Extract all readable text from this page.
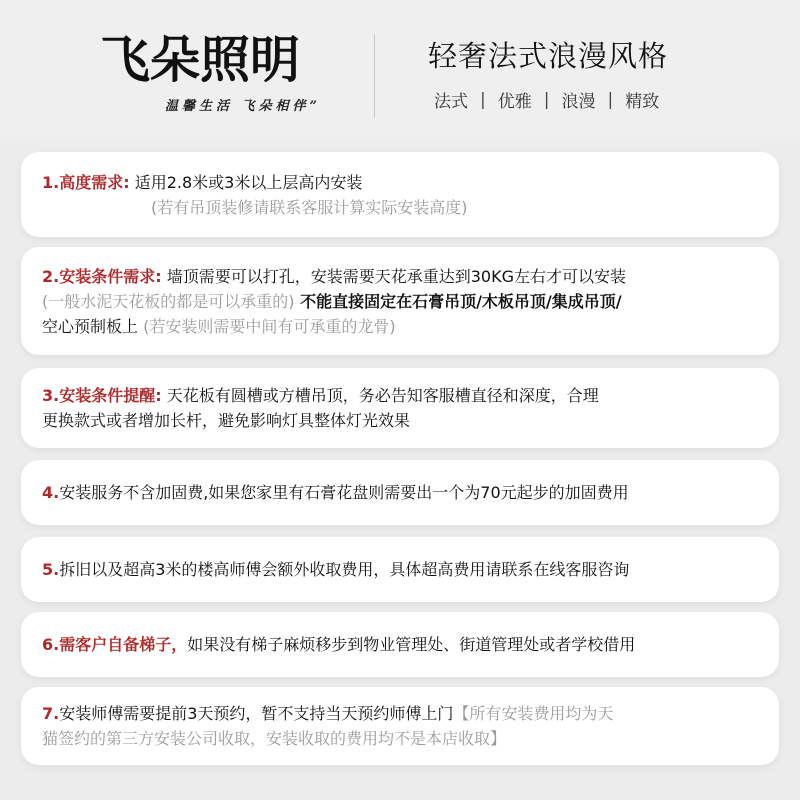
飞朵照明
温馨生活 飞朵相伴”
轻奢法式浪漫风格
法式 | 优雅 | 浪漫 | 精致
1.高度需求: 适用2.8米或3米以上层高内安装
(若有吊顶装修请联系客服计算实际安装高度)
2.安装条件需求: 墙顶需要可以打孔，安装需要天花承重达到30KG左右才可以安装
(一般水泥天花板的都是可以承重的) 不能直接固定在石膏吊顶/木板吊顶/集成吊顶/
空心预制板上 (若安装则需要中间有可承重的龙骨)
3.安装条件提醒: 天花板有圆槽或方槽吊顶，务必告知客服槽直径和深度，合理
更换款式或者增加长杆，避免影响灯具整体灯光效果
4.安装服务不含加固费,如果您家里有石膏花盘则需要出一个为70元起步的加固费用
5.拆旧以及超高3米的楼高师傅会额外收取费用，具体超高费用请联系在线客服咨询
6.需客户自备梯子，如果没有梯子麻烦移步到物业管理处、街道管理处或者学校借用
7.安装师傅需要提前3天预约，暂不支持当天预约师傅上门【所有安装费用均为天
猫签约的第三方安装公司收取，安装收取的费用均不是本店收取】
